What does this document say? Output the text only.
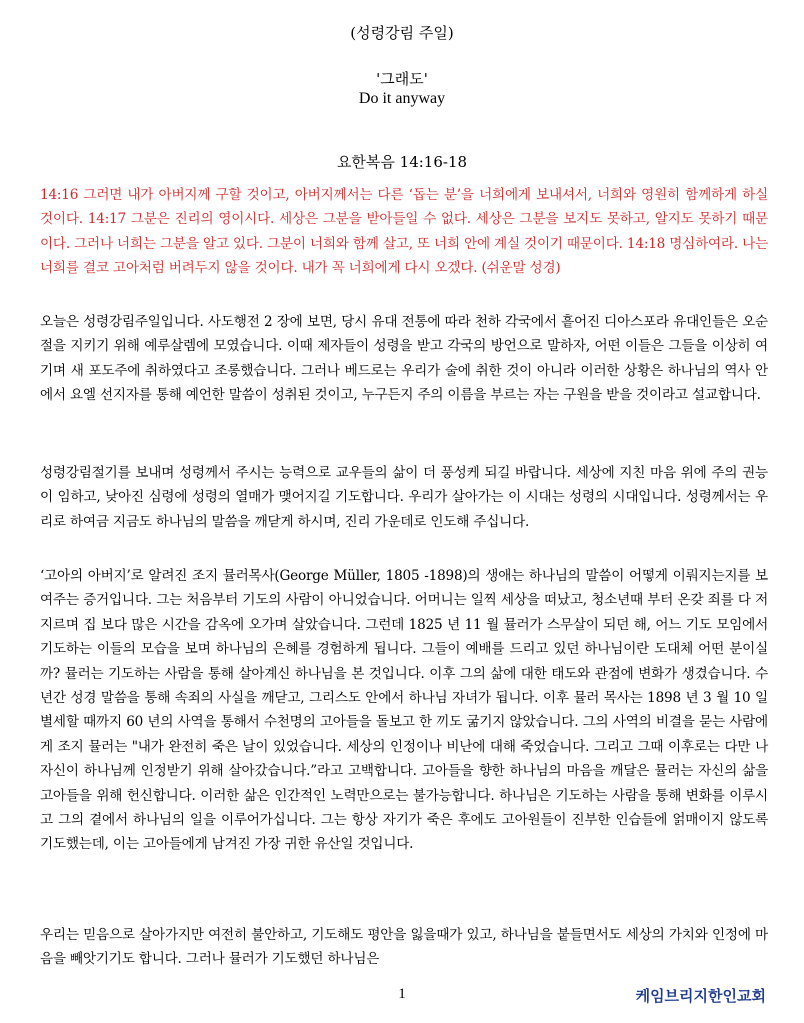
(성령강림 주일)
'그래도'
Do it anyway
요한복음 14:16-18
14:16 그러면 내가 아버지께 구할 것이고, 아버지께서는 다른 ‘돕는 분’을 너희에게 보내셔서, 너희와 영원히 함께하게 하실 것이다. 14:17 그분은 진리의 영이시다. 세상은 그분을 받아들일 수 없다. 세상은 그분을 보지도 못하고, 알지도 못하기 때문이다. 그러나 너희는 그분을 알고 있다. 그분이 너희와 함께 살고, 또 너희 안에 계실 것이기 때문이다. 14:18 명심하여라. 나는 너희를 결코 고아처럼 버려두지 않을 것이다. 내가 꼭 너희에게 다시 오겠다. (쉬운말 성경)
오늘은 성령강림주일입니다. 사도행전 2 장에 보면, 당시 유대 전통에 따라 천하 각국에서 흩어진 디아스포라 유대인들은 오순절을 지키기 위해 예루살렘에 모였습니다. 이때 제자들이 성령을 받고 각국의 방언으로 말하자, 어떤 이들은 그들을 이상히 여기며 새 포도주에 취하였다고 조롱했습니다. 그러나 베드로는 우리가 술에 취한 것이 아니라 이러한 상황은 하나님의 역사 안에서 요엘 선지자를 통해 예언한 말씀이 성취된 것이고, 누구든지 주의 이름을 부르는 자는 구원을 받을 것이라고 설교합니다.
성령강림절기를 보내며 성령께서 주시는 능력으로 교우들의 삶이 더 풍성케 되길 바랍니다. 세상에 지친 마음 위에 주의 권능이 임하고, 낮아진 심령에 성령의 열매가 맺어지길 기도합니다. 우리가 살아가는 이 시대는 성령의 시대입니다. 성령께서는 우리로 하여금 지금도 하나님의 말씀을 깨닫게 하시며, 진리 가운데로 인도해 주십니다.
‘고아의 아버지’로 알려진 조지 뮬러목사(George Müller, 1805 -1898)의 생애는 하나님의 말씀이 어떻게 이뤄지는지를 보여주는 증거입니다. 그는 처음부터 기도의 사람이 아니었습니다. 어머니는 일찍 세상을 떠났고, 청소년때 부터 온갖 죄를 다 저지르며 집 보다 많은 시간을 감옥에 오가며 살았습니다. 그런데 1825 년 11 월 뮬러가 스무살이 되던 해, 어느 기도 모임에서 기도하는 이들의 모습을 보며 하나님의 은혜를 경험하게 됩니다. 그들이 예배를 드리고 있던 하나님이란 도대체 어떤 분이실까? 뮬러는 기도하는 사람을 통해 살아계신 하나님을 본 것입니다. 이후 그의 삶에 대한 태도와 관점에 변화가 생겼습니다. 수년간 성경 말씀을 통해 속죄의 사실을 깨닫고, 그리스도 안에서 하나님 자녀가 됩니다. 이후 뮬러 목사는 1898 년 3 월 10 일 별세할 때까지 60 년의 사역을 통해서 수천명의 고아들을 돌보고 한 끼도 굶기지 않았습니다. 그의 사역의 비결을 묻는 사람에게 조지 뮬러는 "내가 완전히 죽은 날이 있었습니다. 세상의 인정이나 비난에 대해 죽었습니다. 그리고 그때 이후로는 다만 나 자신이 하나님께 인정받기 위해 살아갔습니다.”라고 고백합니다. 고아들을 향한 하나님의 마음을 깨달은 뮬러는 자신의 삶을 고아들을 위해 헌신합니다. 이러한 삶은 인간적인 노력만으로는 불가능합니다. 하나님은 기도하는 사람을 통해 변화를 이루시고 그의 곁에서 하나님의 일을 이루어가십니다. 그는 항상 자기가 죽은 후에도 고아원들이 진부한 인습들에 얽매이지 않도록 기도했는데, 이는 고아들에게 남겨진 가장 귀한 유산일 것입니다.
우리는 믿음으로 살아가지만 여전히 불안하고, 기도해도 평안을 잃을때가 있고, 하나님을 붙들면서도 세상의 가치와 인정에 마음을 빼앗기기도 합니다. 그러나 뮬러가 기도했던 하나님은
1	케임브리지한인교회
